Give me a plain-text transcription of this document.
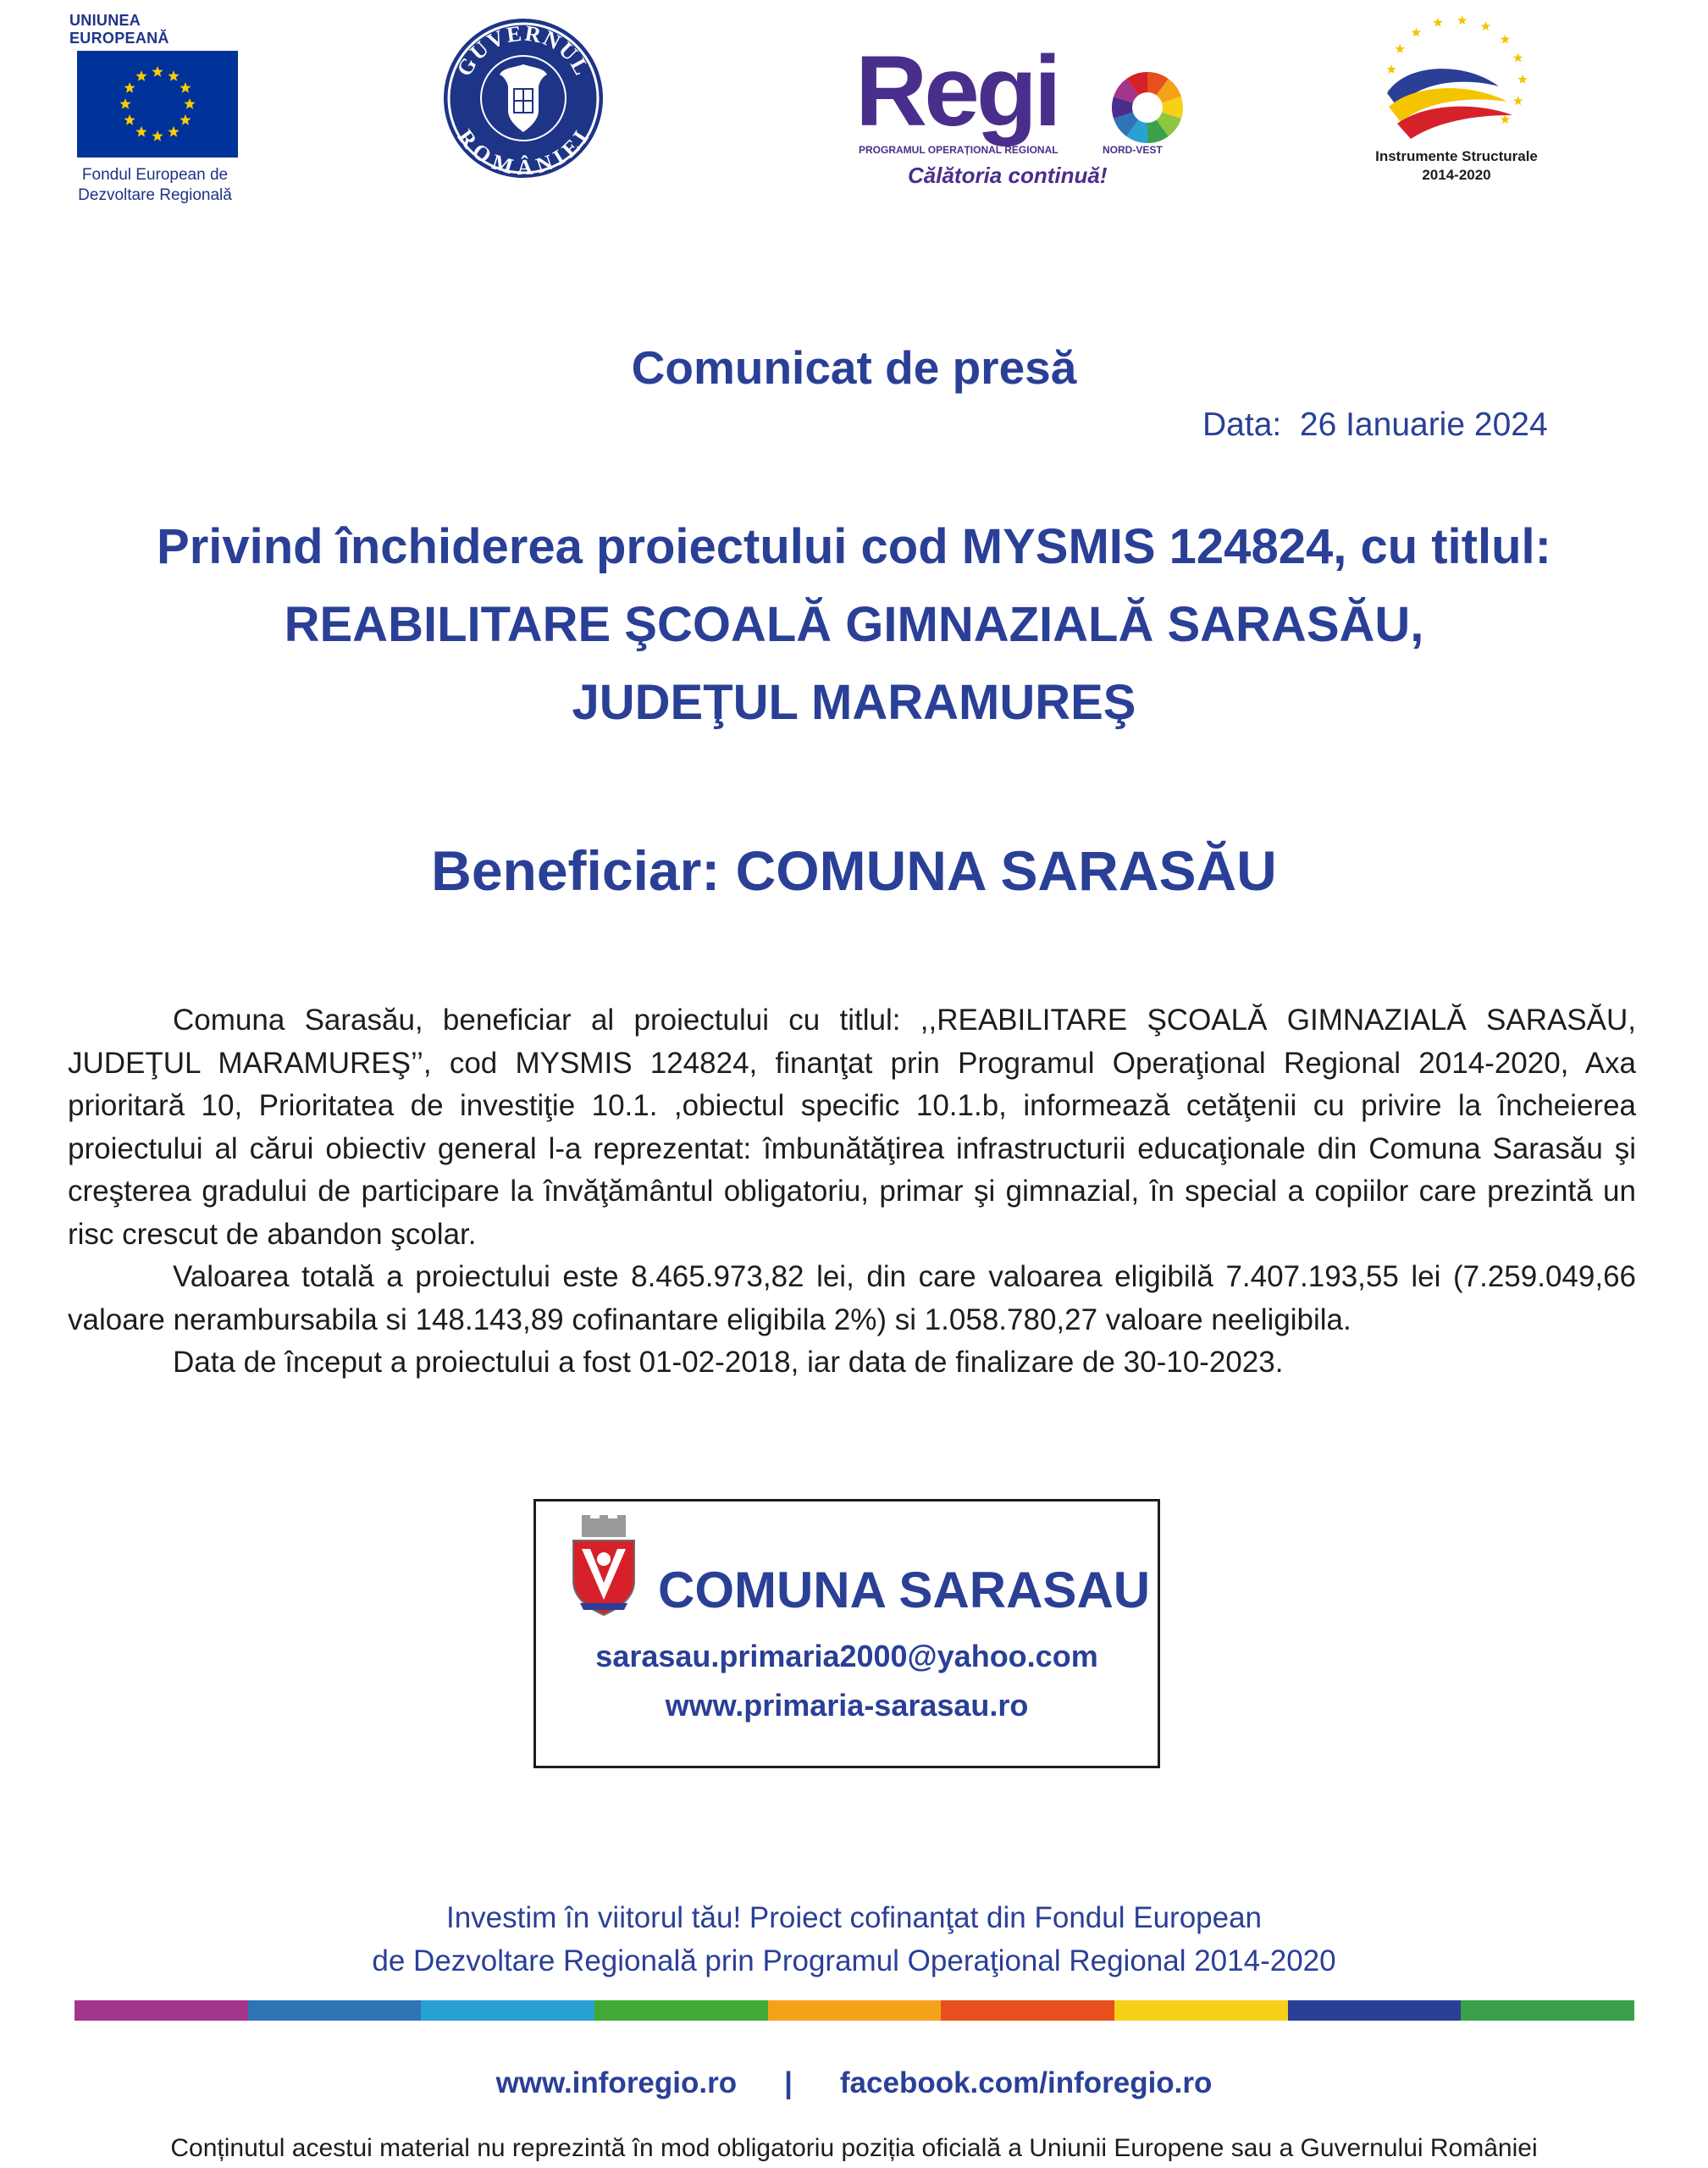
UNIUNEA EUROPEANĂ
Fondul European de
Dezvoltare Regională
GUVERNUL
ROMÂNIEI	Regi
PROGRAMUL OPERAȚIONAL REGIONAL	NORD-VEST
Călătoria continuă!
Instrumente Structurale
2014-2020
Comunicat de presă
Data:  26 Ianuarie 2024
Privind închiderea proiectului cod MYSMIS 124824, cu titlul:
REABILITARE ŞCOALĂ GIMNAZIALĂ SARASĂU,
JUDEŢUL MARAMUREŞ
Beneficiar: COMUNA SARASĂU

Comuna Sarasău, beneficiar al proiectului cu titlul: ,,REABILITARE ŞCOALĂ GIMNAZIALĂ SARASĂU, JUDEŢUL MARAMUREŞ’’, cod MYSMIS 124824, finanţat prin Programul Operaţional Regional 2014-2020, Axa prioritară 10, Prioritatea de investiţie 10.1. ,obiectul specific 10.1.b, informează cetăţenii cu privire la încheierea proiectului al cărui obiectiv general l-a reprezentat: îmbunătăţirea infrastructurii educaţionale din Comuna Sarasău şi creşterea gradului de participare la învăţământul obligatoriu, primar şi gimnazial, în special a copiilor care prezintă un risc crescut de abandon şcolar.

Valoarea totală a proiectului este 8.465.973,82 lei, din care valoarea eligibilă 7.407.193,55 lei (7.259.049,66 valoare nerambursabila si 148.143,89 cofinantare eligibila 2%) si 1.058.780,27 valoare neeligibila.

Data de început a proiectului a fost 01-02-2018, iar data de finalizare de 30-10-2023.

COMUNA SARASAU
sarasau.primaria2000@yahoo.com
www.primaria-sarasau.ro
Investim în viitorul tău! Proiect cofinanţat din Fondul European
de Dezvoltare Regională prin Programul Operaţional Regional 2014-2020
www.inforegio.ro | facebook.com/inforegio.ro
Conținutul acestui material nu reprezintă în mod obligatoriu poziția oficială a Uniunii Europene sau a Guvernului României
